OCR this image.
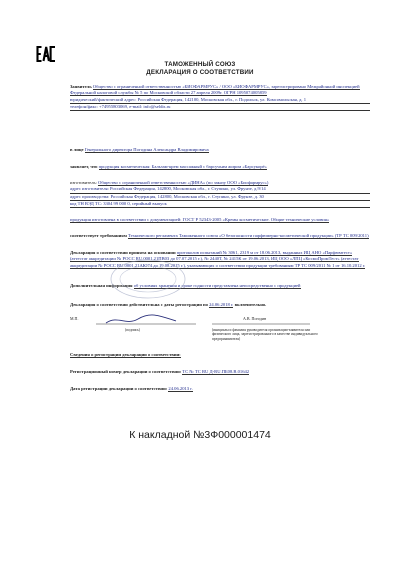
ТАМОЖЕННЫЙ СОЮЗ
ДЕКЛАРАЦИЯ О СООТВЕТСТВИИ
Заявитель Общество с ограниченной ответственностью «БИОФАРМРУС» / ООО «БИОФАРМРУС», зарегистрировано Межрайонной инспекцией Федеральной налоговой службы № 5 по Московской области 27 апреля 2009г. ОГРН 1095074005859
юридический/фактический адрес: Российская Федерация, 142100, Московская обл., г. Подольск, ул. Комсомольская, д. 1
телефон/факс: +74955803069, e-mail: info@seldis.ru
в лице Генерального директора Погодина Александра Владимировича
заявляет, что продукция косметическая: Бальзам-крем массажный с барсучьим жиром «Барсукорё»
изготовитель: Общество с ограниченной ответственностью «ДИНА» (по заказу ООО «Биофармрус»)
адрес изготовителя: Российская Федерация, 142800, Московская обл., г. Ступино, ул. Фрунзе, д.9/14
адрес производства: Российская Федерация, 142800, Московская обл., г. Ступино, ул. Фрунзе, д. 30
код ТН ВЭД ТС: 3304 99 000 0, серийный выпуск
продукция изготовлена в соответствии с документацией: ГОСТ Р 52343-2005 «Кремы косметические. Общие технические условия»
соответствует требованиям Технического регламента Таможенного союза «О безопасности парфюмерно-косметической продукции» (ТР ТС 009/2011)
Декларация о соответствии принята на основании протоколов испытаний № 3061, 2319 м от 18.06.2013, выданных ИЦ АНО «Парфюмтест» (аттестат аккредитации № РОСС RU.0001.21ПВ03 до 07.07.2015 г.), № 2440Т, № 2415К от 19.06.2013, ИЦ ООО «ЛПЦ «КосмоПромТест» (аттестат аккредитации № РОСС RU.0001.21АЮ74 до 19.08.2015 г.), указывающих о соответствии продукции требованиям ТР ТС 009/2011 № 1 от 16.10.2012 г.
Дополнительная информация об условиях хранения и сроке годности представлена непосредственно с продукцией
Декларация о соответствии действительна с даты регистрации по 24.06.2018 г. включительно.
М.П.	А.В. Погодин
(подпись)	(инициалы и фамилия руководителя организации-заявителя или физического лица, зарегистрированного в качестве индивидуального предпринимателя)
Сведения о регистрации декларации о соответствии:
Регистрационный номер декларации о соответствии: ТС № ТС RU Д-RU.ПБ08.В.01642
Дата регистрации декларации о соответствии: 24.06.2013 г.
К накладной №3Ф000001474
